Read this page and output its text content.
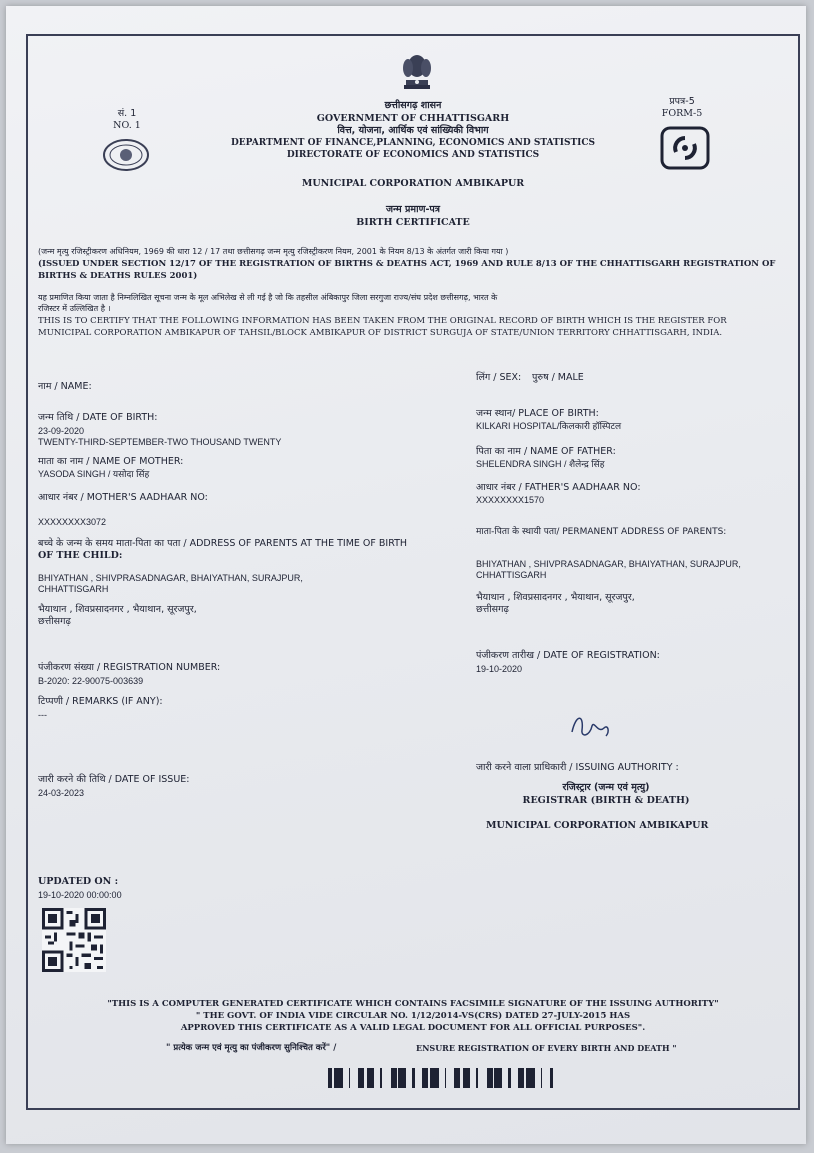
सं. 1
NO. 1
प्रपत्र-5
FORM-5
छत्तीसगढ़ शासन
GOVERNMENT OF CHHATTISGARH
वित्त, योजना, आर्थिक एवं सांख्यिकी विभाग
DEPARTMENT OF FINANCE,PLANNING, ECONOMICS AND STATISTICS
DIRECTORATE OF ECONOMICS AND STATISTICS
MUNICIPAL CORPORATION AMBIKAPUR
जन्म प्रमाण-पत्र
BIRTH CERTIFICATE
(जन्म मृत्यु रजिस्ट्रीकरण अधिनियम, 1969 की धारा 12 / 17 तथा छत्तीसगढ़ जन्म मृत्यु रजिस्ट्रीकरण नियम, 2001 के नियम 8/13 के अंतर्गत जारी किया गया )
(ISSUED UNDER SECTION 12/17 OF THE REGISTRATION OF BIRTHS & DEATHS ACT, 1969 AND RULE 8/13 OF THE CHHATTISGARH REGISTRATION OF
BIRTHS & DEATHS RULES 2001)
यह प्रमाणित किया जाता है निम्नलिखित सूचना जन्म के मूल अभिलेख से ली गई है जो कि तहसील अंबिकापुर जिला सरगुजा राज्य/संघ प्रदेश छत्तीसगढ़, भारत के
रजिस्टर में उल्लिखित है ।
THIS IS TO CERTIFY THAT THE FOLLOWING INFORMATION HAS BEEN TAKEN FROM THE ORIGINAL RECORD OF BIRTH WHICH IS THE REGISTER FOR
MUNICIPAL CORPORATION AMBIKAPUR OF TAHSIL/BLOCK AMBIKAPUR OF DISTRICT SURGUJA OF STATE/UNION TERRITORY CHHATTISGARH, INDIA.
नाम / NAME:
जन्म तिथि / DATE OF BIRTH:
23-09-2020
TWENTY-THIRD-SEPTEMBER-TWO THOUSAND TWENTY
माता का नाम / NAME OF MOTHER:
YASODA SINGH / यसोदा सिंह
आधार नंबर / MOTHER'S AADHAAR NO:
XXXXXXXX3072
बच्चे के जन्म के समय माता-पिता का पता / ADDRESS OF PARENTS AT THE TIME OF BIRTH
OF THE CHILD:
BHIYATHAN , SHIVPRASADNAGAR, BHAIYATHAN, SURAJPUR,
CHHATTISGARH
भैयाथान , शिवप्रसादनगर , भैयाथान, सूरजपुर,
छत्तीसगढ़
पंजीकरण संख्या / REGISTRATION NUMBER:
B-2020: 22-90075-003639
टिप्पणी / REMARKS (IF ANY):
---
जारी करने की तिथि / DATE OF ISSUE:
24-03-2023
UPDATED ON :
19-10-2020 00:00:00
लिंग / SEX: पुरुष / MALE
जन्म स्थान/ PLACE OF BIRTH:
KILKARI HOSPITAL/किलकारी हॉस्पिटल
पिता का नाम / NAME OF FATHER:
SHELENDRA SINGH / शैलेन्द्र सिंह
आधार नंबर / FATHER'S AADHAAR NO:
XXXXXXXX1570
माता-पिता के स्थायी पता/ PERMANENT ADDRESS OF PARENTS:
BHIYATHAN , SHIVPRASADNAGAR, BHAIYATHAN, SURAJPUR,
CHHATTISGARH
भैयाथान , शिवप्रसादनगर , भैयाथान, सूरजपुर,
छत्तीसगढ़
पंजीकरण तारीख / DATE OF REGISTRATION:
19-10-2020
जारी करने वाला प्राधिकारी / ISSUING AUTHORITY :
रजिस्ट्रार (जन्म एवं मृत्यु)
REGISTRAR (BIRTH & DEATH)
MUNICIPAL CORPORATION AMBIKAPUR
"THIS IS A COMPUTER GENERATED CERTIFICATE WHICH CONTAINS FACSIMILE SIGNATURE OF THE ISSUING AUTHORITY"
" THE GOVT. OF INDIA VIDE CIRCULAR NO. 1/12/2014-VS(CRS) DATED 27-JULY-2015 HAS
APPROVED THIS CERTIFICATE AS A VALID LEGAL DOCUMENT FOR ALL OFFICIAL PURPOSES".
" प्रत्येक जन्म एवं मृत्यु का पंजीकरण सुनिश्चित करें" /	ENSURE REGISTRATION OF EVERY BIRTH AND DEATH "
